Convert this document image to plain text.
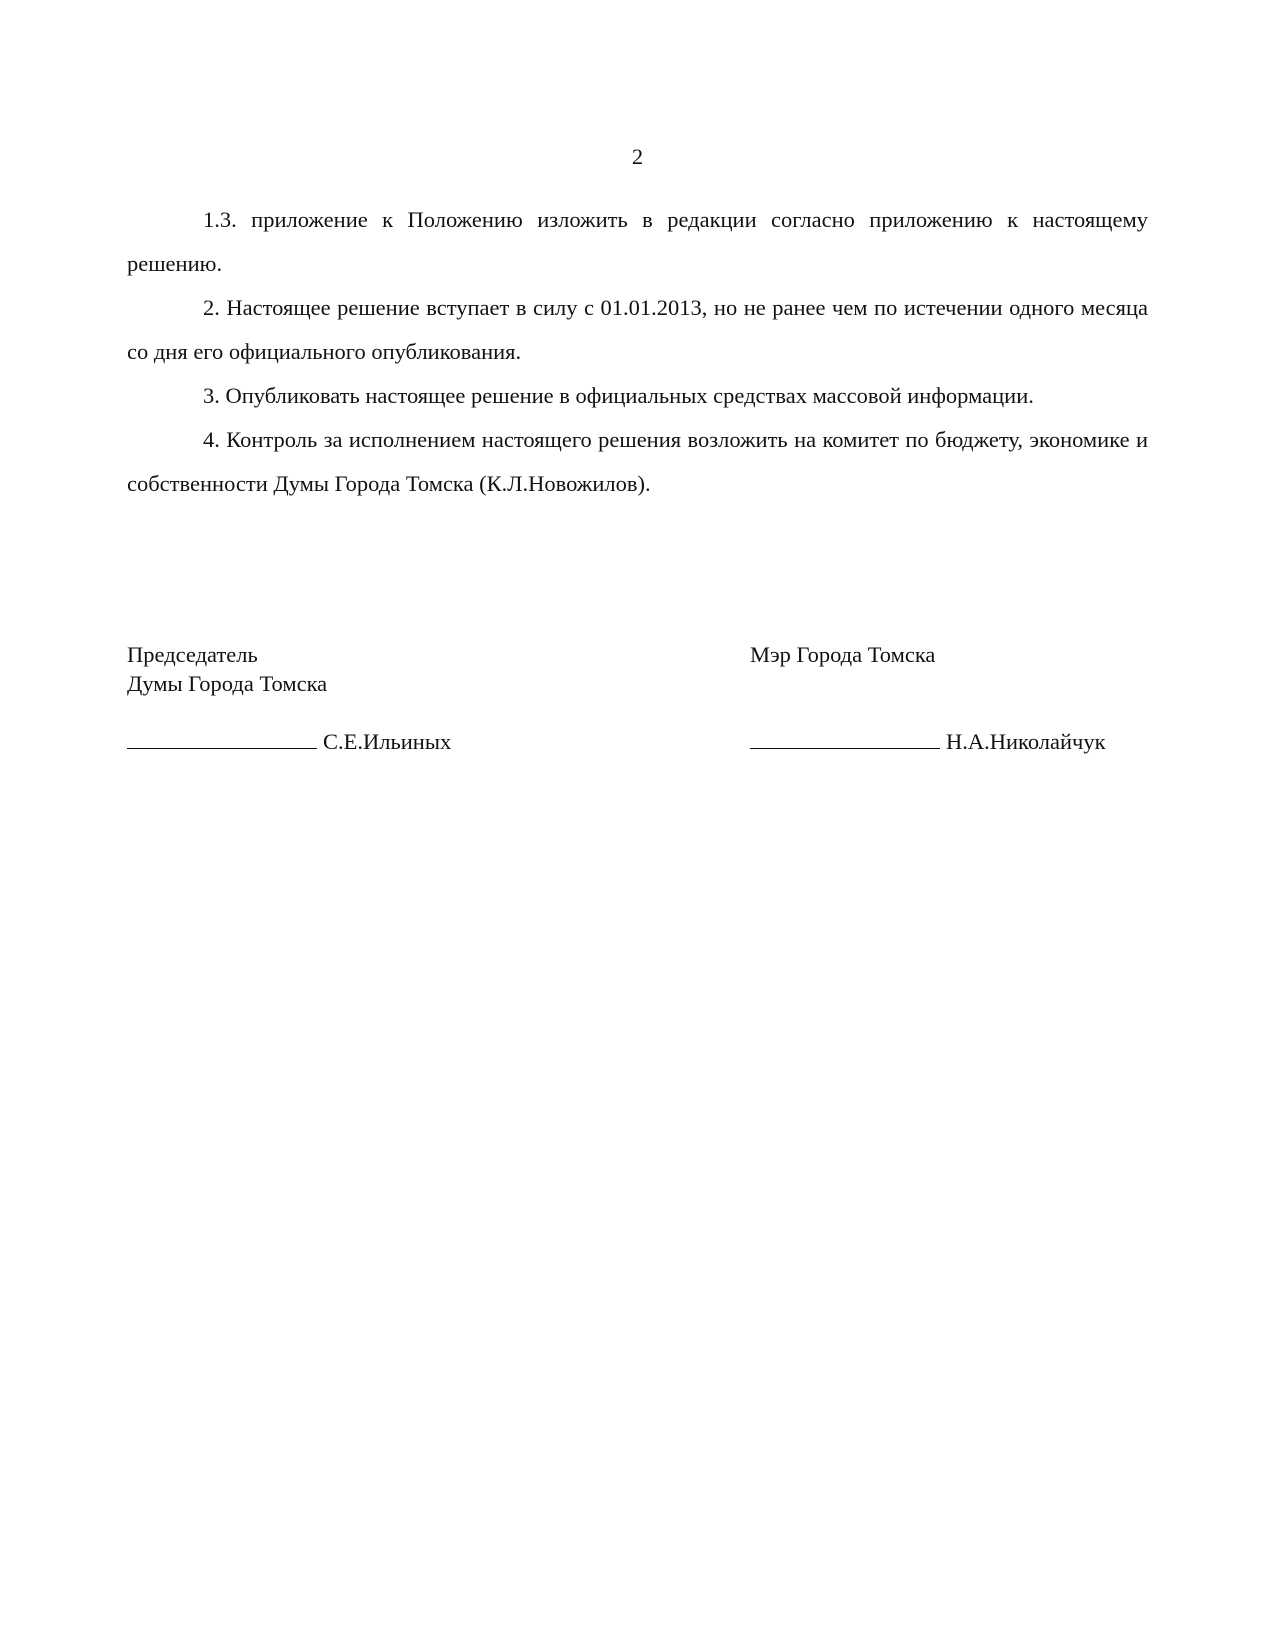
2

1.3. приложение к Положению изложить в редакции согласно приложению к настоящему решению.

2. Настоящее решение вступает в силу с 01.01.2013, но не ранее чем по истечении одного месяца со дня его официального опубликования.

3. Опубликовать настоящее решение в официальных средствах массовой информации.

4. Контроль за исполнением настоящего решения возложить на комитет по бюджету, экономике и собственности Думы Города Томска (К.Л.Новожилов).

Председатель
Думы Города Томска
С.Е.Ильиных
Мэр Города Томска

Н.А.Николайчук
